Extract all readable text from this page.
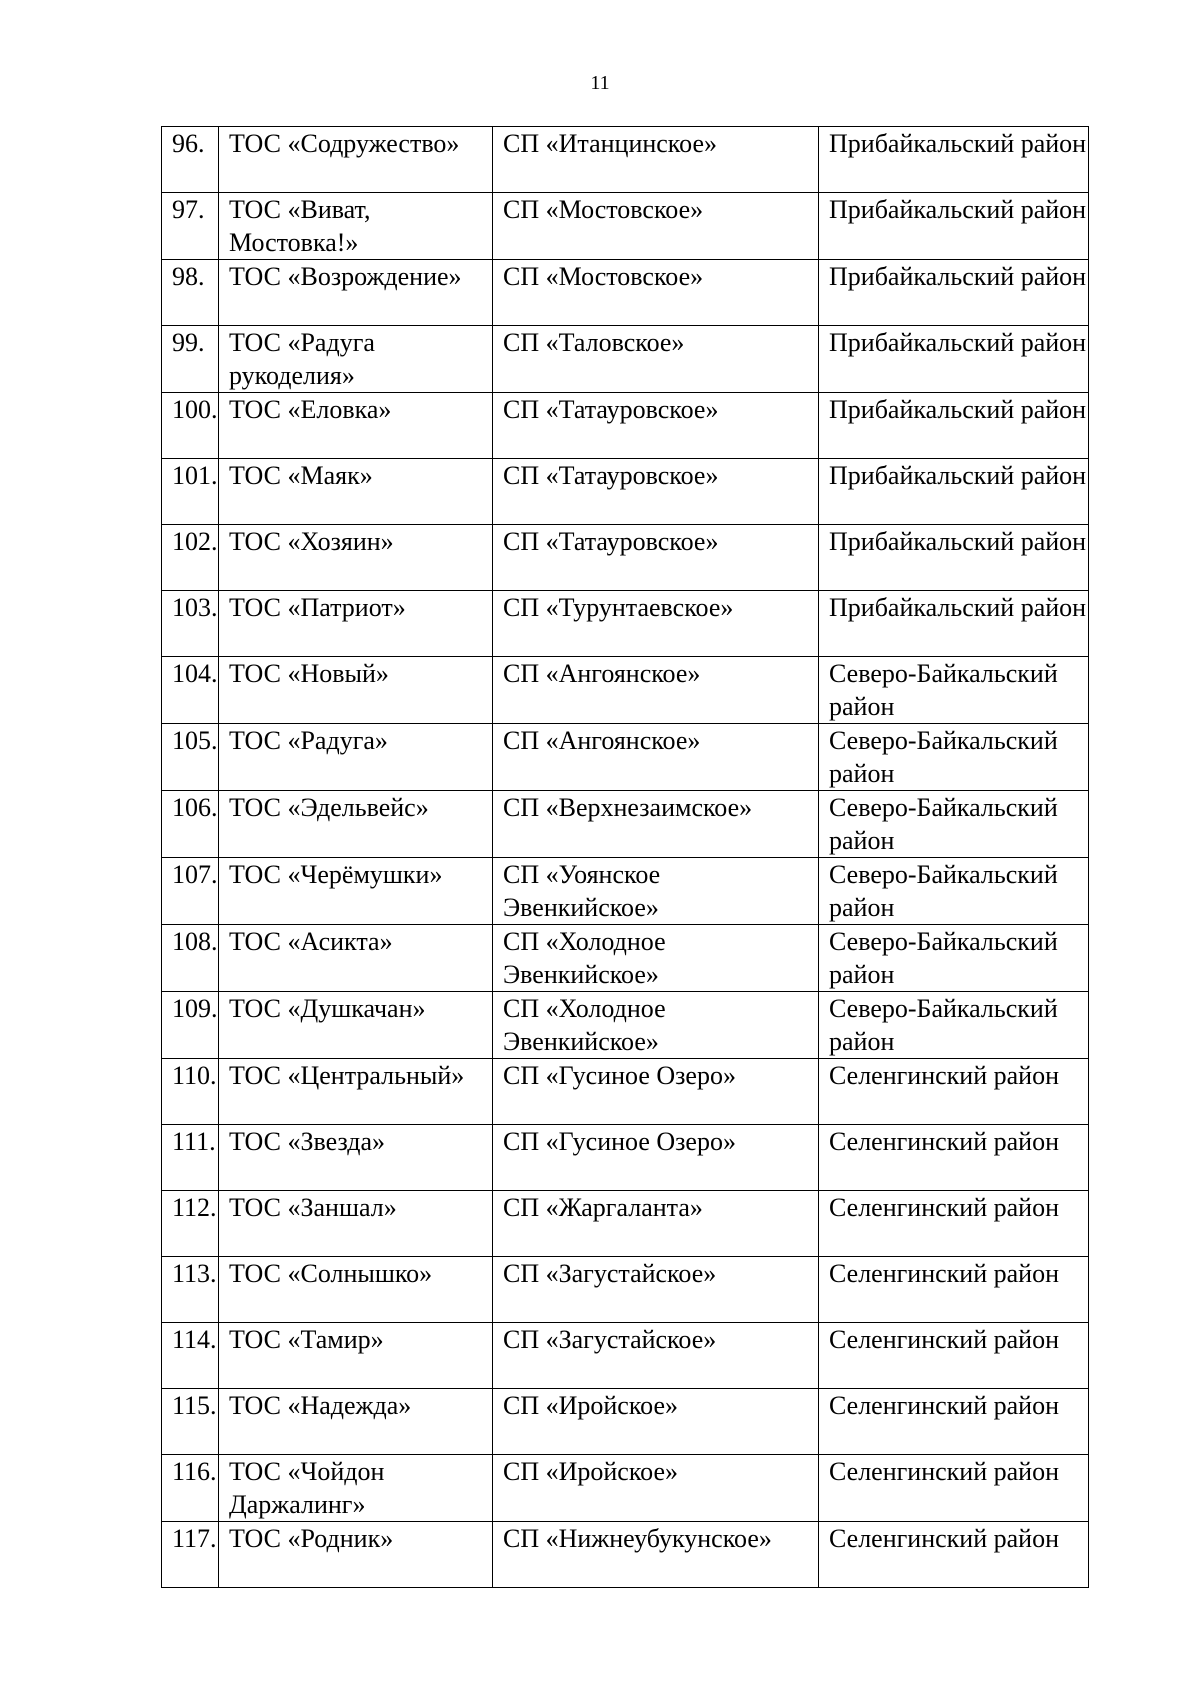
11
96.	ТОС «Содружество»	СП «Итанцинское»	Прибайкальский район
97.	ТОС «Виват, Мостовка!»	СП «Мостовское»	Прибайкальский район
98.	ТОС «Возрождение»	СП «Мостовское»	Прибайкальский район
99.	ТОС «Радуга рукоделия»	СП «Таловское»	Прибайкальский район
100.	ТОС «Еловка»	СП «Татауровское»	Прибайкальский район
101.	ТОС «Маяк»	СП «Татауровское»	Прибайкальский район
102.	ТОС «Хозяин»	СП «Татауровское»	Прибайкальский район
103.	ТОС «Патриот»	СП «Турунтаевское»	Прибайкальский район
104.	ТОС «Новый»	СП «Ангоянское»	Северо-Байкальский район
105.	ТОС «Радуга»	СП «Ангоянское»	Северо-Байкальский район
106.	ТОС «Эдельвейс»	СП «Верхнезаимское»	Северо-Байкальский район
107.	ТОС «Черёмушки»	СП «Уоянское Эвенкийское»	Северо-Байкальский район
108.	ТОС «Асикта»	СП «Холодное Эвенкийское»	Северо-Байкальский район
109.	ТОС «Душкачан»	СП «Холодное Эвенкийское»	Северо-Байкальский район
110.	ТОС «Центральный»	СП «Гусиное Озеро»	Селенгинский район
111.	ТОС «Звезда»	СП «Гусиное Озеро»	Селенгинский район
112.	ТОС «Заншал»	СП «Жаргаланта»	Селенгинский район
113.	ТОС «Солнышко»	СП «Загустайское»	Селенгинский район
114.	ТОС «Тамир»	СП «Загустайское»	Селенгинский район
115.	ТОС «Надежда»	СП «Иройское»	Селенгинский район
116.	ТОС «Чойдон Даржалинг»	СП «Иройское»	Селенгинский район
117.	ТОС «Родник»	СП «Нижнеубукунское»	Селенгинский район
